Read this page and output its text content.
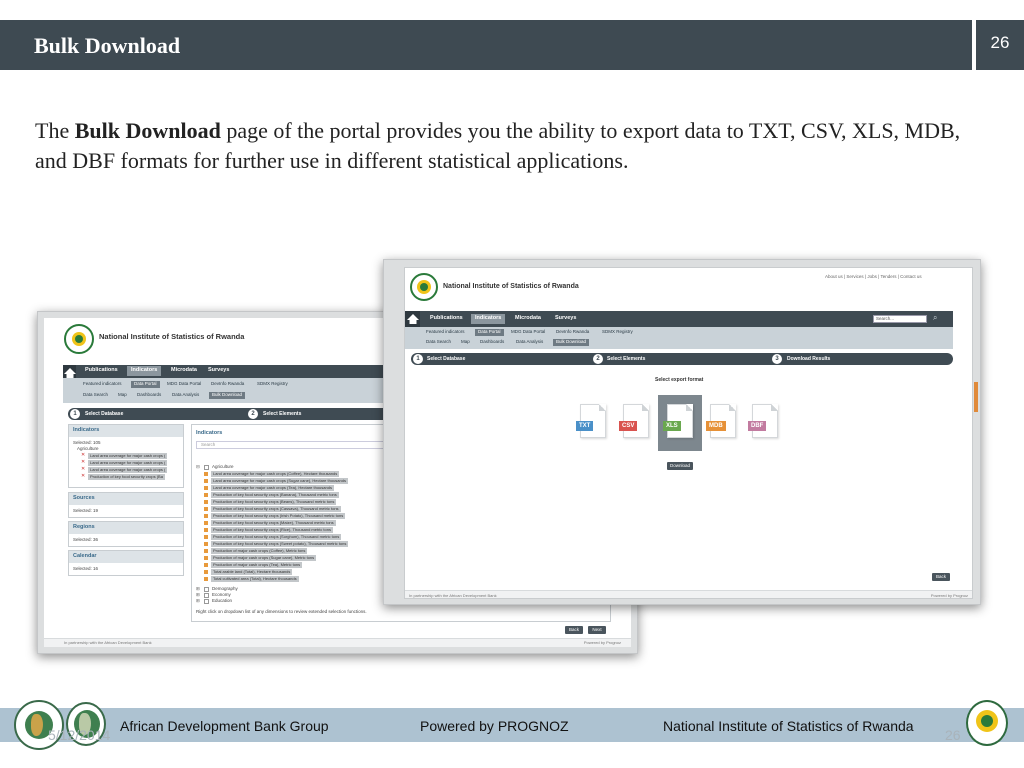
Bulk Download	26

The Bulk Download page of the portal provides you the ability to export data to TXT, CSV, XLS, MDB, and DBF formats for further use in different statistical applications.

National Institute of Statistics of Rwanda
Publications	Indicators	Microdata Surveys
Featured indicators	Data Portal	MDG Data Portal DevInfo Rwanda	SDMX Registry
Data Search Map Dashboards Data Analysis	Bulk Download
1	Select Database	2	Select Elements
Indicators
Selected: 105
Agriculture
✕	Land area coverage for major cash crops (
✕	Land area coverage for major cash crops (
✕	Land area coverage for major cash crops (
✕	Production of key food security crops (Ba
Sources
Selected: 19
Regions
Selected: 36
Calendar
Selected: 16
Indicators
Search
⊟	Agriculture
Land area coverage for major cash crops (Coffee), Hectare thousands
Land area coverage for major cash crops (Sugar cane), Hectare thousands
Land area coverage for major cash crops (Tea), Hectare thousands
Production of key food security crops (Banana), Thousand metric tons
Production of key food security crops (Beans), Thousand metric tons
Production of key food security crops (Cassava), Thousand metric tons
Production of key food security crops (Irish Potato), Thousand metric tons
Production of key food security crops (Maize), Thousand metric tons
Production of key food security crops (Rice), Thousand metric tons
Production of key food security crops (Sorghum), Thousand metric tons
Production of key food security crops (Sweet potato), Thousand metric tons
Production of major cash crops (Coffee), Metric tons
Production of major cash crops (Sugar cane), Metric tons
Production of major cash crops (Tea), Metric tons
Total arable land (Total), Hectare thousands
Total cultivated area (Total), Hectare thousands
⊞	Demography
⊞	Economy
⊞	Education
Right click on dropdown list of any dimensions to review extended selection functions.
Back	Next
In partnership with the African Development Bank	Powered by Prognoz
National Institute of Statistics of Rwanda
About us | Services | Jobs | Tenders | Contact us
Publications	Indicators	Microdata	Surveys	Search...	⌕
Featured indicators	Data Portal	MDG Data Portal DevInfo Rwanda	SDMX Registry
Data Search Map Dashboards	Data Analysis	Bulk Download
1	Select Database	2	Select Elements	3	Download Results
Select export format
TXT	CSV	XLS	MDB	DBF
Download
Back
In partnership with the African Development Bank	Powered by Prognoz
5/12/2014	26
African Development Bank Group	Powered by PROGNOZ	National Institute of Statistics of Rwanda
